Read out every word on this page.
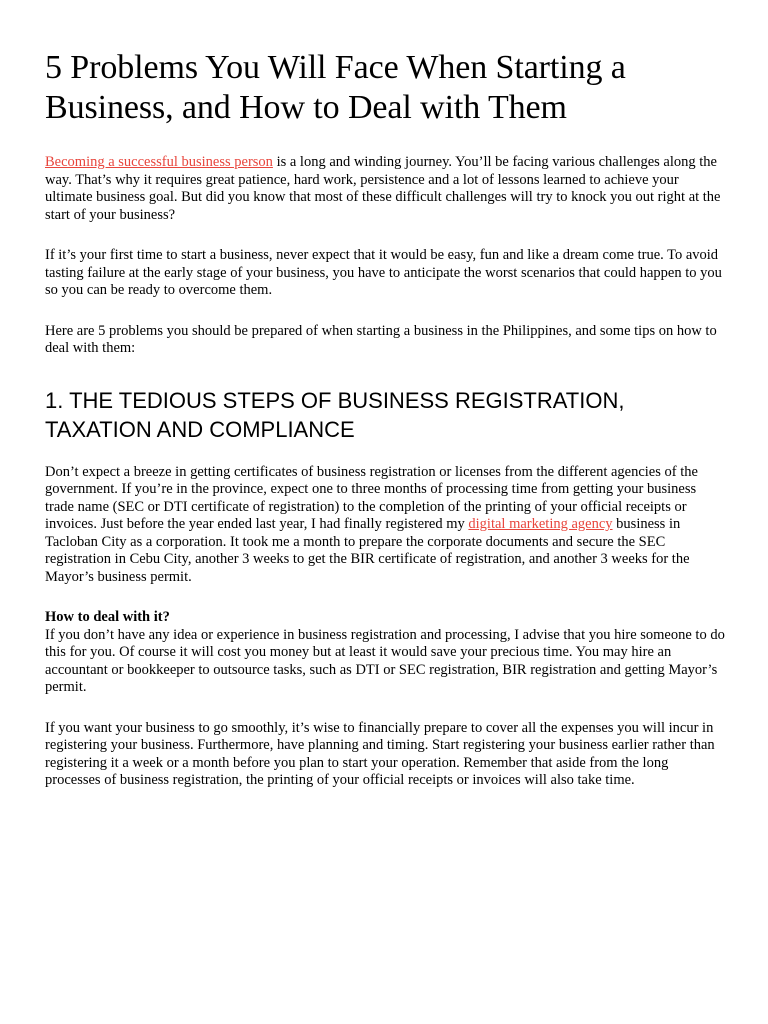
5 Problems You Will Face When Starting a Business, and How to Deal with Them

Becoming a successful business person is a long and winding journey. You’ll be facing various challenges along the way. That’s why it requires great patience, hard work, persistence and a lot of lessons learned to achieve your ultimate business goal. But did you know that most of these difficult challenges will try to knock you out right at the start of your business?

If it’s your first time to start a business, never expect that it would be easy, fun and like a dream come true. To avoid tasting failure at the early stage of your business, you have to anticipate the worst scenarios that could happen to you so you can be ready to overcome them.

Here are 5 problems you should be prepared of when starting a business in the Philippines, and some tips on how to deal with them:

1. THE TEDIOUS STEPS OF BUSINESS REGISTRATION, TAXATION AND COMPLIANCE

Don’t expect a breeze in getting certificates of business registration or licenses from the different agencies of the government. If you’re in the province, expect one to three months of processing time from getting your business trade name (SEC or DTI certificate of registration) to the completion of the printing of your official receipts or invoices. Just before the year ended last year, I had finally registered my digital marketing agency business in Tacloban City as a corporation. It took me a month to prepare the corporate documents and secure the SEC registration in Cebu City, another 3 weeks to get the BIR certificate of registration, and another 3 weeks for the Mayor’s business permit.

How to deal with it?

If you don’t have any idea or experience in business registration and processing, I advise that you hire someone to do this for you. Of course it will cost you money but at least it would save your precious time. You may hire an accountant or bookkeeper to outsource tasks, such as DTI or SEC registration, BIR registration and getting Mayor’s permit.

If you want your business to go smoothly, it’s wise to financially prepare to cover all the expenses you will incur in registering your business. Furthermore, have planning and timing. Start registering your business earlier rather than registering it a week or a month before you plan to start your operation. Remember that aside from the long processes of business registration, the printing of your official receipts or invoices will also take time.
